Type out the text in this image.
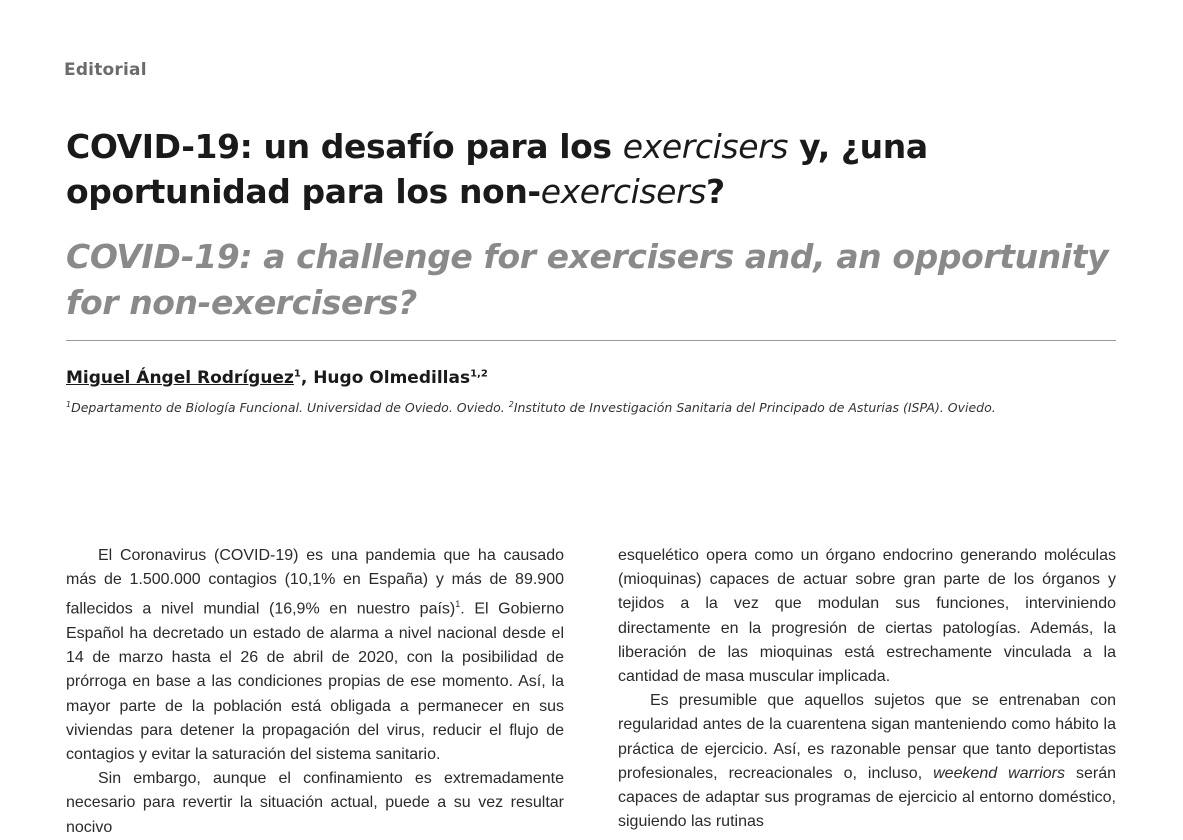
Editorial
COVID-19: un desafío para los exercisers y, ¿una oportunidad para los non-exercisers?
COVID-19: a challenge for exercisers and, an opportunity for non-exercisers?
Miguel Ángel Rodríguez$^1$, Hugo Olmedillas$^{1,2}$
$^1$Departamento de Biología Funcional. Universidad de Oviedo. Oviedo. $^2$Instituto de Investigación Sanitaria del Principado de Asturias (ISPA). Oviedo.

El Coronavirus (COVID-19) es una pandemia que ha causado más de 1.500.000 contagios (10,1% en España) y más de 89.900 fallecidos a nivel mundial (16,9% en nuestro país)$^1$. El Gobierno Español ha decretado un estado de alarma a nivel nacional desde el 14 de marzo hasta el 26 de abril de 2020, con la posibilidad de prórroga en base a las condiciones propias de ese momento. Así, la mayor parte de la población está obligada a permanecer en sus viviendas para detener la propagación del virus, reducir el flujo de contagios y evitar la saturación del sistema sanitario.

Sin embargo, aunque el confinamiento es extremadamente necesario para revertir la situación actual, puede a su vez resultar nocivo

esquelético opera como un órgano endocrino generando moléculas (mioquinas) capaces de actuar sobre gran parte de los órganos y tejidos a la vez que modulan sus funciones, interviniendo directamente en la progresión de ciertas patologías. Además, la liberación de las mioquinas está estrechamente vinculada a la cantidad de masa muscular implicada.

Es presumible que aquellos sujetos que se entrenaban con regularidad antes de la cuarentena sigan manteniendo como hábito la práctica de ejercicio. Así, es razonable pensar que tanto deportistas profesionales, recreacionales o, incluso, weekend warriors serán capaces de adaptar sus programas de ejercicio al entorno doméstico, siguiendo las rutinas
